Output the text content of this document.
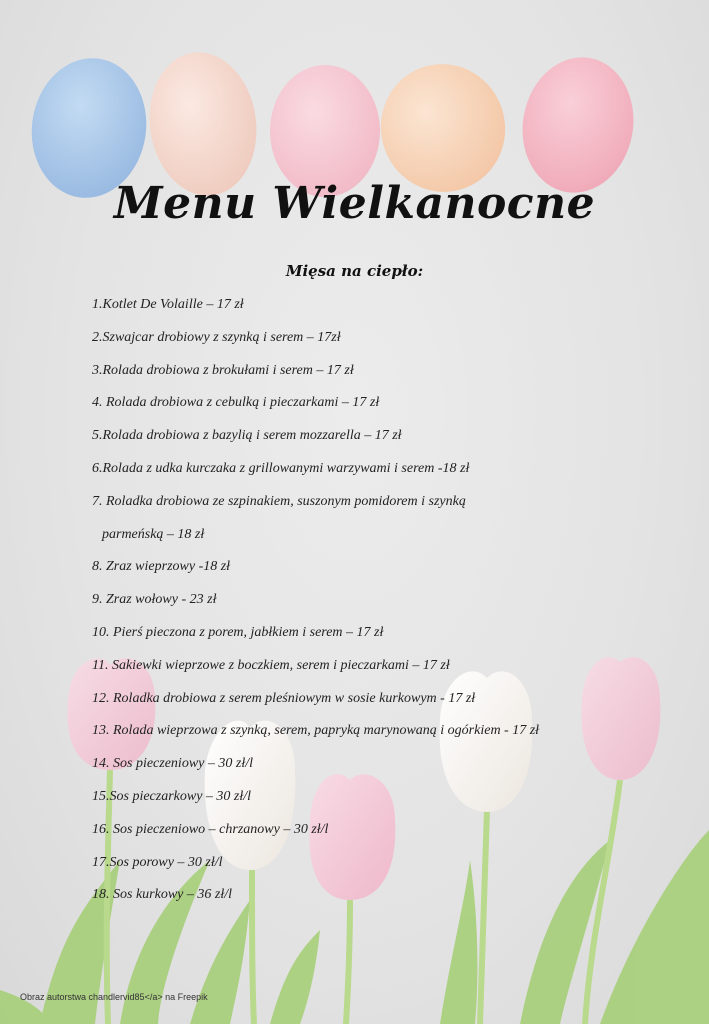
Menu Wielkanocne
Mięsa na ciepło:
1.Kotlet De Volaille – 17 zł
2.Szwajcar drobiowy z szynką i serem – 17zł
3.Rolada drobiowa z brokułami i serem – 17 zł
4. Rolada drobiowa z cebulką i pieczarkami – 17 zł
5.Rolada drobiowa z bazylią i serem mozzarella – 17 zł
6.Rolada z udka kurczaka z grillowanymi warzywami i serem -18 zł
7. Roladka drobiowa ze szpinakiem, suszonym pomidorem i szynką
parmeńską – 18 zł
8. Zraz wieprzowy -18 zł
9. Zraz wołowy - 23 zł
10. Pierś pieczona z porem, jabłkiem i serem – 17 zł
11. Sakiewki wieprzowe z boczkiem, serem i pieczarkami – 17 zł
12. Roladka drobiowa z serem pleśniowym w sosie kurkowym - 17 zł
13. Rolada wieprzowa z szynką, serem, papryką marynowaną i ogórkiem - 17 zł
14. Sos pieczeniowy – 30 zł/l
15.Sos pieczarkowy – 30 zł/l
16. Sos pieczeniowo – chrzanowy – 30 zł/l
17.Sos porowy – 30 zł/l
18. Sos kurkowy – 36 zł/l
Obraz autorstwa chandlervid85</a> na Freepik
